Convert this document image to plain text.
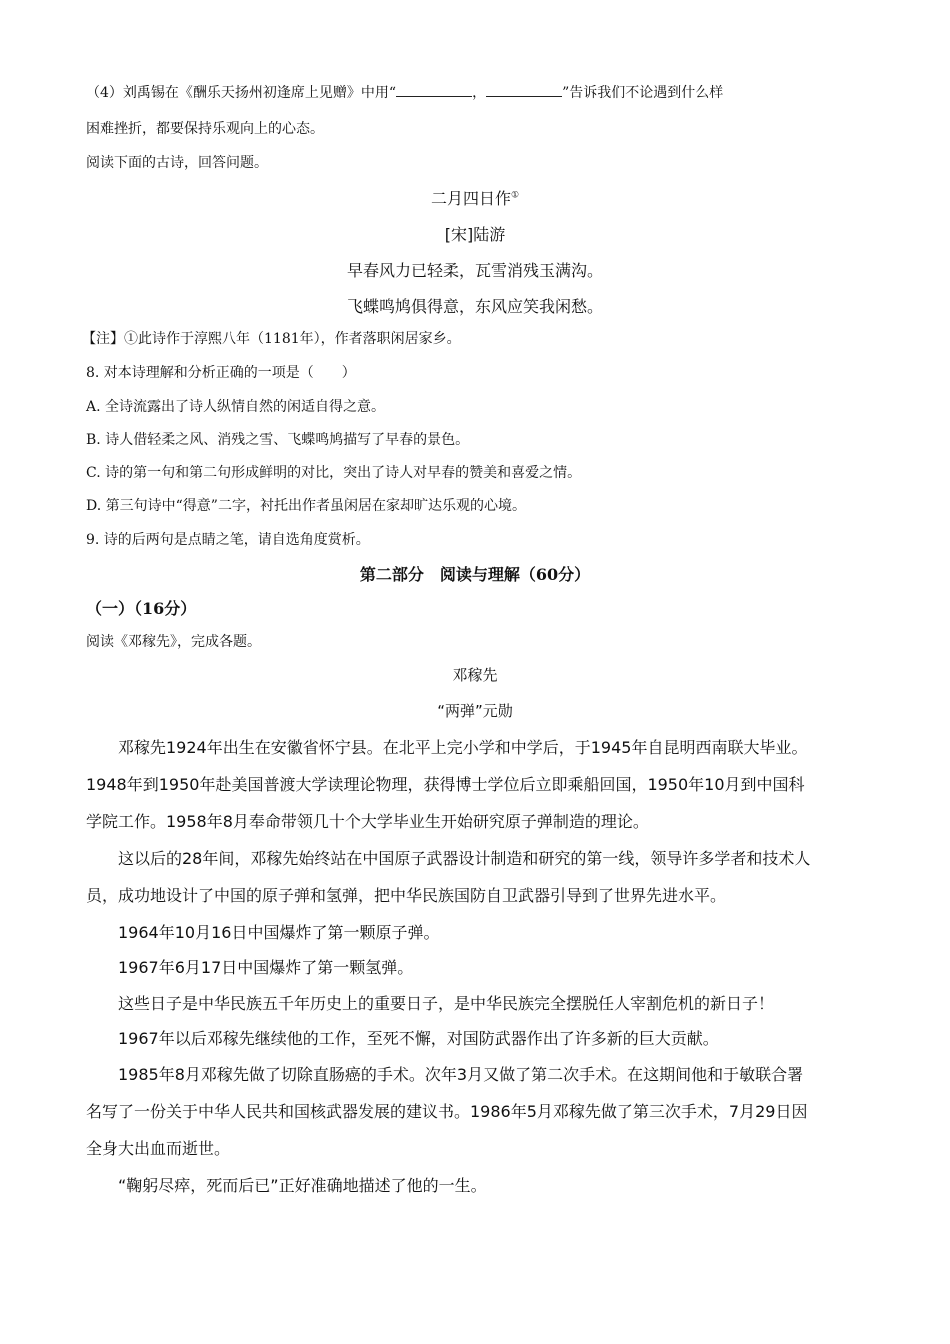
（4）刘禹锡在《酬乐天扬州初逢席上见赠》中用“	，	”告诉我们不论遇到什么样
困难挫折，都要保持乐观向上的心态。
阅读下面的古诗，回答问题。
二月四日作①
[宋]陆游
早春风力已轻柔，瓦雪消残玉满沟。
飞蝶鸣鸠俱得意，东风应笑我闲愁。
【注】①此诗作于淳熙八年（1181年），作者落职闲居家乡。
8. 对本诗理解和分析正确的一项是（　　）
A. 全诗流露出了诗人纵情自然的闲适自得之意。
B. 诗人借轻柔之风、消残之雪、飞蝶鸣鸠描写了早春的景色。
C. 诗的第一句和第二句形成鲜明的对比，突出了诗人对早春的赞美和喜爱之情。
D. 第三句诗中“得意”二字，衬托出作者虽闲居在家却旷达乐观的心境。
9. 诗的后两句是点睛之笔，请自选角度赏析。
第二部分　阅读与理解（60分）
（一）（16分）
阅读《邓稼先》，完成各题。
邓稼先
“两弹”元勋
邓稼先1924年出生在安徽省怀宁县。在北平上完小学和中学后，于1945年自昆明西南联大毕业。
1948年到1950年赴美国普渡大学读理论物理，获得博士学位后立即乘船回国，1950年10月到中国科
学院工作。1958年8月奉命带领几十个大学毕业生开始研究原子弹制造的理论。
这以后的28年间，邓稼先始终站在中国原子武器设计制造和研究的第一线，领导许多学者和技术人
员，成功地设计了中国的原子弹和氢弹，把中华民族国防自卫武器引导到了世界先进水平。
1964年10月16日中国爆炸了第一颗原子弹。
1967年6月17日中国爆炸了第一颗氢弹。
这些日子是中华民族五千年历史上的重要日子，是中华民族完全摆脱任人宰割危机的新日子！
1967年以后邓稼先继续他的工作，至死不懈，对国防武器作出了许多新的巨大贡献。
1985年8月邓稼先做了切除直肠癌的手术。次年3月又做了第二次手术。在这期间他和于敏联合署
名写了一份关于中华人民共和国核武器发展的建议书。1986年5月邓稼先做了第三次手术，7月29日因
全身大出血而逝世。
“鞠躬尽瘁，死而后已”正好准确地描述了他的一生。
